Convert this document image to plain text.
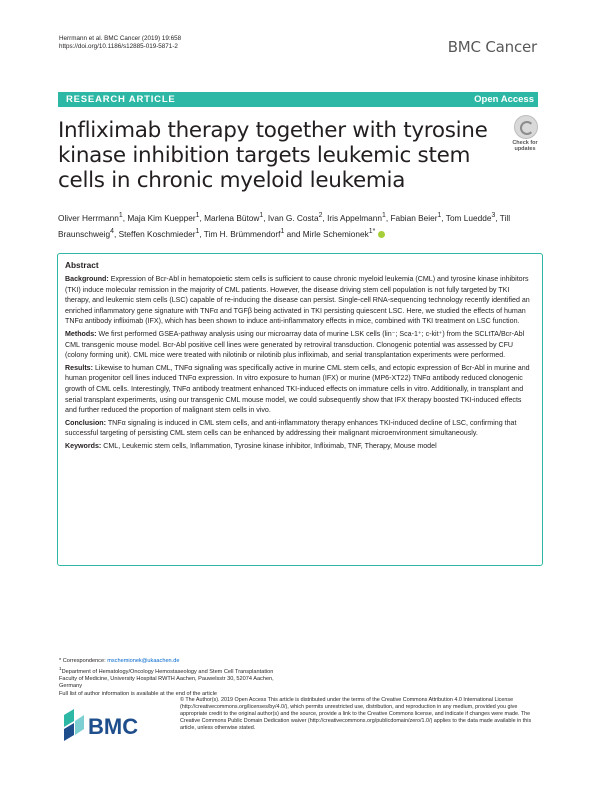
Herrmann et al. BMC Cancer (2019) 19:658
https://doi.org/10.1186/s12885-019-5871-2	BMC Cancer
RESEARCH ARTICLE	Open Access
Infliximab therapy together with tyrosine kinase inhibition targets leukemic stem cells in chronic myeloid leukemia
Check for
updates
Oliver Herrmann$^1$, Maja Kim Kuepper$^1$, Marlena Bütow$^1$, Ivan G. Costa$^2$, Iris Appelmann$^1$, Fabian Beier$^1$, Tom Luedde$^3$, Till Braunschweig$^4$, Steffen Koschmieder$^1$, Tim H. Brümmendorf$^1$ and Mirle Schemionek$^{1*}$
Abstract

Background: Expression of Bcr-Abl in hematopoietic stem cells is sufficient to cause chronic myeloid leukemia (CML) and tyrosine kinase inhibitors (TKI) induce molecular remission in the majority of CML patients. However, the disease driving stem cell population is not fully targeted by TKI therapy, and leukemic stem cells (LSC) capable of re-inducing the disease can persist. Single-cell RNA-sequencing technology recently identified an enriched inflammatory gene signature with TNFα and TGFβ being activated in TKI persisting quiescent LSC. Here, we studied the effects of human TNFα antibody infliximab (IFX), which has been shown to induce anti-inflammatory effects in mice, combined with TKI treatment on LSC function.

Methods: We first performed GSEA-pathway analysis using our microarray data of murine LSK cells (lin⁻; Sca-1⁺; c-kit⁺) from the SCLtTA/Bcr-Abl CML transgenic mouse model. Bcr-Abl positive cell lines were generated by retroviral transduction. Clonogenic potential was assessed by CFU (colony forming unit). CML mice were treated with nilotinib or nilotinib plus infliximab, and serial transplantation experiments were performed.

Results: Likewise to human CML, TNFα signaling was specifically active in murine CML stem cells, and ectopic expression of Bcr-Abl in murine and human progenitor cell lines induced TNFα expression. In vitro exposure to human (IFX) or murine (MP6-XT22) TNFα antibody reduced clonogenic growth of CML cells. Interestingly, TNFα antibody treatment enhanced TKI-induced effects on immature cells in vitro. Additionally, in transplant and serial transplant experiments, using our transgenic CML mouse model, we could subsequently show that IFX therapy boosted TKI-induced effects and further reduced the proportion of malignant stem cells in vivo.

Conclusion: TNFα signaling is induced in CML stem cells, and anti-inflammatory therapy enhances TKI-induced decline of LSC, confirming that successful targeting of persisting CML stem cells can be enhanced by addressing their malignant microenvironment simultaneously.

Keywords: CML, Leukemic stem cells, Inflammation, Tyrosine kinase inhibitor, Infliximab, TNF, Therapy, Mouse model

* Correspondence: mschemionek@ukaachen.de
$^1$Department of Hematology/Oncology Hemostaseology and Stem Cell Transplantation Faculty of Medicine, University Hospital RWTH Aachen, Pauwelsstr 30, 52074 Aachen, Germany
Full list of author information is available at the end of the article
BMC
© The Author(s). 2019 Open Access This article is distributed under the terms of the Creative Commons Attribution 4.0 International License (http://creativecommons.org/licenses/by/4.0/), which permits unrestricted use, distribution, and reproduction in any medium, provided you give appropriate credit to the original author(s) and the source, provide a link to the Creative Commons license, and indicate if changes were made. The Creative Commons Public Domain Dedication waiver (http://creativecommons.org/publicdomain/zero/1.0/) applies to the data made available in this article, unless otherwise stated.
